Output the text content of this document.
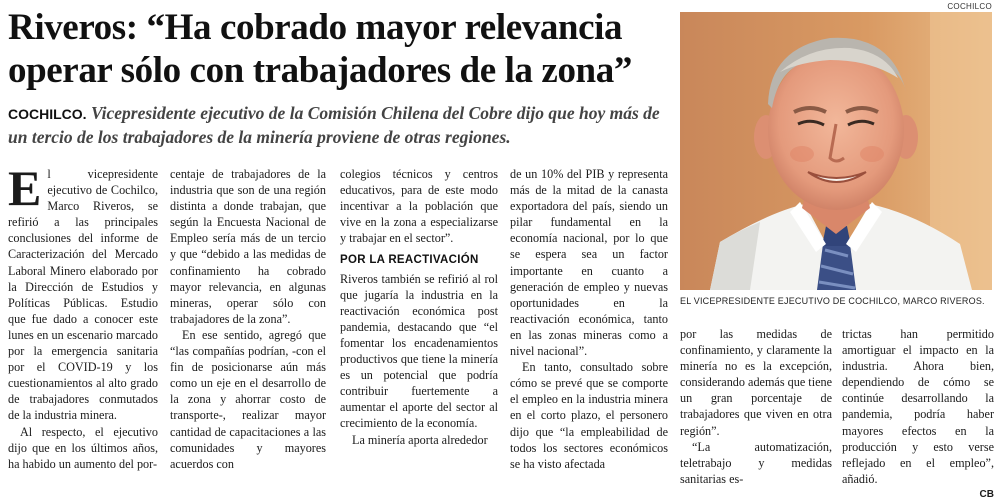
Riveros: “Ha cobrado mayor relevancia
operar sólo con trabajadores de la zona”
COCHILCO. Vicepresidente ejecutivo de la Comisión Chilena del Cobre dijo que hoy más de un tercio de los trabajadores de la minería proviene de otras regiones.
COCHILCO
EL VICEPRESIDENTE EJECUTIVO DE COCHILCO, MARCO RIVEROS.

E l vicepresidente ejecutivo de Cochilco, Marco Riveros, se refirió a las principales conclusiones del informe de Caracterización del Mercado Laboral Minero elaborado por la Dirección de Estudios y Políticas Públicas. Estudio que fue dado a conocer este lunes en un escenario marcado por la emergencia sanitaria por el COVID-19 y los cuestionamientos al alto grado de trabajadores conmutados de la industria minera.

Al respecto, el ejecutivo dijo que en los últimos años, ha habido un aumento del por-

centaje de trabajadores de la industria que son de una región distinta a donde trabajan, que según la Encuesta Nacional de Empleo sería más de un tercio y que “debido a las medidas de confinamiento ha cobrado mayor relevancia, en algunas mineras, operar sólo con trabajadores de la zona”.

En ese sentido, agregó que “las compañías podrían, -con el fin de posicionarse aún más como un eje en el desarrollo de la zona y ahorrar costo de transporte-, realizar mayor cantidad de capacitaciones a las comunidades y mayores acuerdos con

colegios técnicos y centros educativos, para de este modo incentivar a la población que vive en la zona a especializarse y trabajar en el sector”.

POR LA REACTIVACIÓN

Riveros también se refirió al rol que jugaría la industria en la reactivación económica post pandemia, destacando que “el fomentar los encadenamientos productivos que tiene la minería es un potencial que podría contribuir fuertemente a aumentar el aporte del sector al crecimiento de la economía.

La minería aporta alrededor

de un 10% del PIB y representa más de la mitad de la canasta exportadora del país, siendo un pilar fundamental en la economía nacional, por lo que se espera sea un factor importante en cuanto a generación de empleo y nuevas oportunidades en la reactivación económica, tanto en las zonas mineras como a nivel nacional”.

En tanto, consultado sobre cómo se prevé que se comporte el empleo en la industria minera en el corto plazo, el personero dijo que “la empleabilidad de todos los sectores económicos se ha visto afectada

por las medidas de confinamiento, y claramente la minería no es la excepción, considerando además que tiene un gran porcentaje de trabajadores que viven en otra región”.

“La automatización, teletrabajo y medidas sanitarias es-

trictas han permitido amortiguar el impacto en la industria. Ahora bien, dependiendo de cómo se continúe desarrollando la pandemia, podría haber mayores efectos en la producción y esto verse reflejado en el empleo”, añadió.

CB
